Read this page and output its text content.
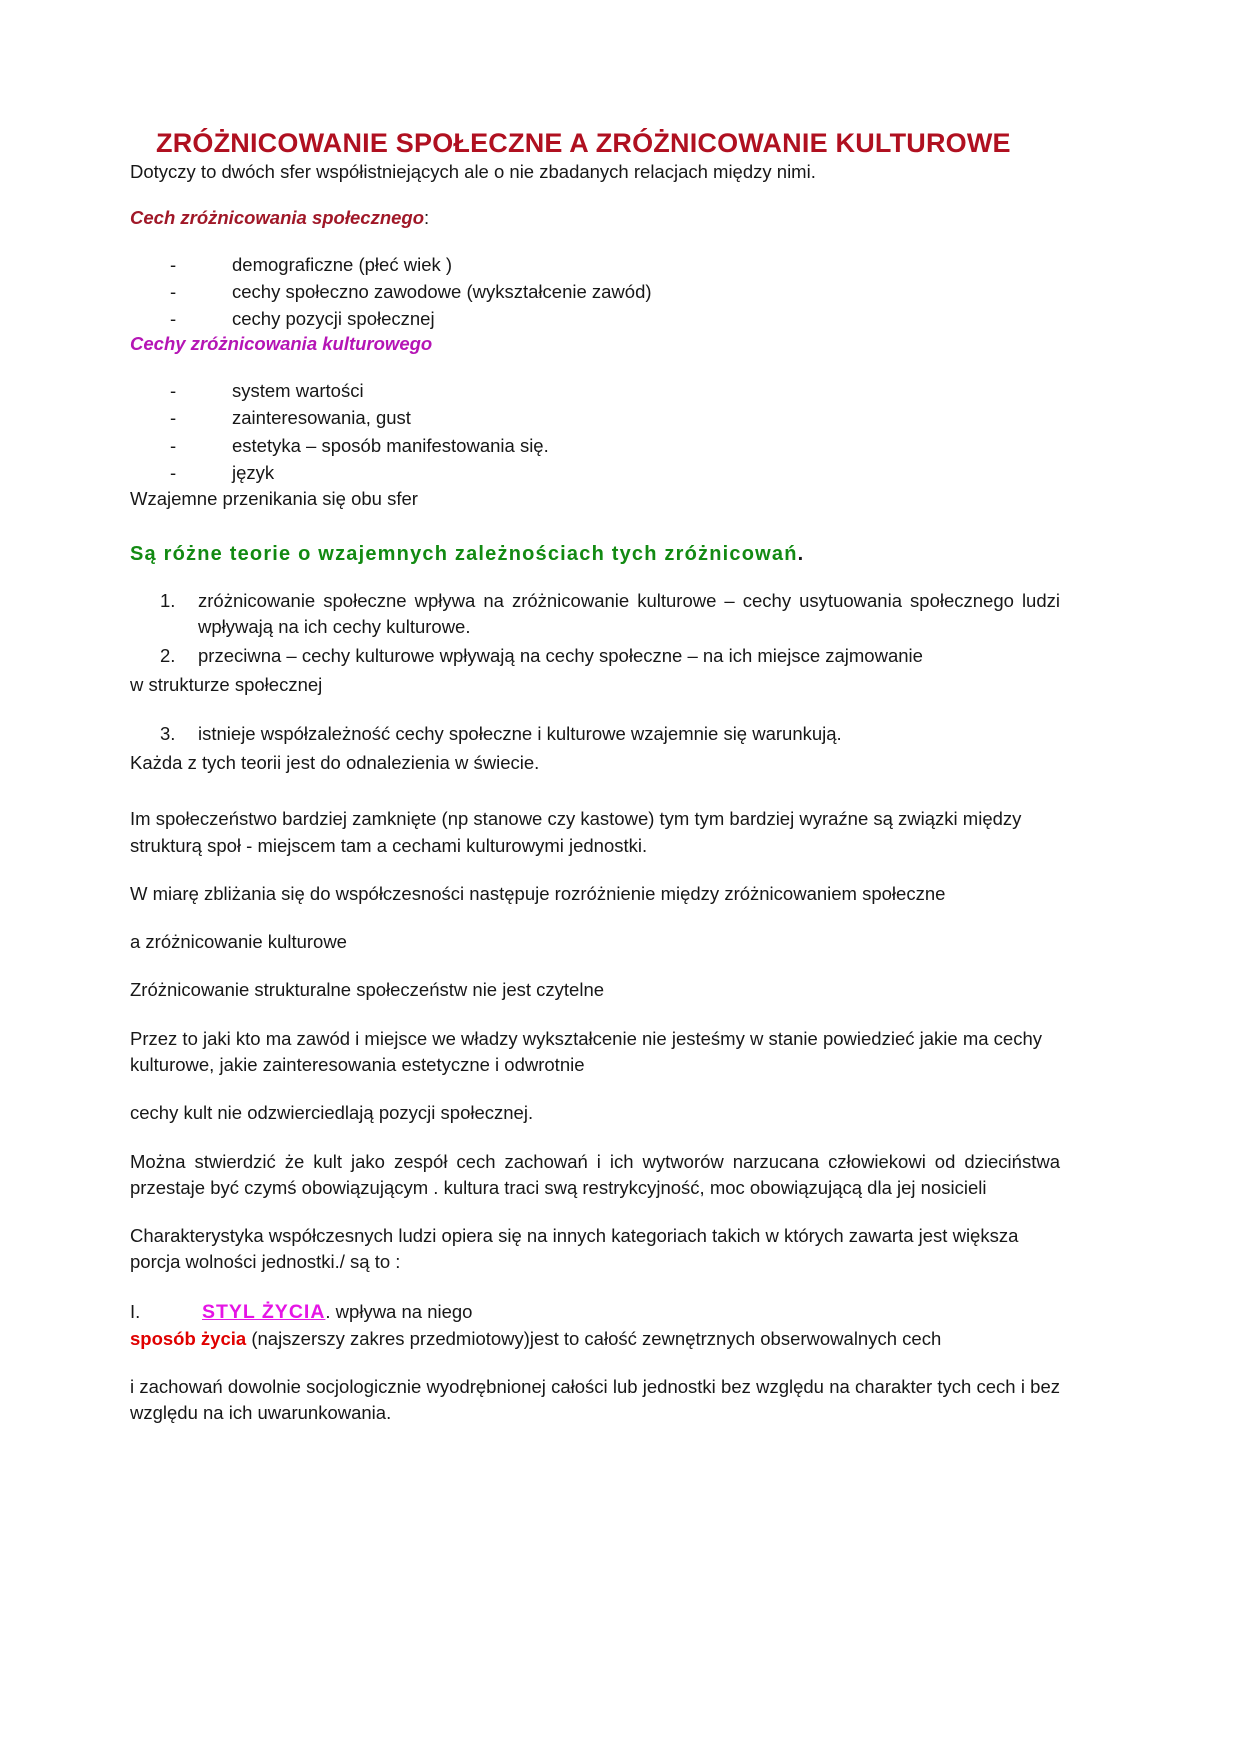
ZRÓŻNICOWANIE SPOŁECZNE A ZRÓŻNICOWANIE KULTUROWE

Dotyczy to dwóch sfer współistniejących ale o nie zbadanych relacjach między nimi.

Cech zróżnicowania społecznego:

-	demograficzne (płeć wiek )
-	cechy społeczno zawodowe (wykształcenie zawód)
-	cechy pozycji społecznej

Cechy zróżnicowania kulturowego

-	system wartości
-	zainteresowania, gust
-	estetyka – sposób manifestowania się.
-	język

Wzajemne przenikania się obu sfer

Są różne teorie o wzajemnych zależnościach tych zróżnicowań.

1. zróżnicowanie społeczne wpływa na zróżnicowanie kulturowe – cechy usytuowania społecznego ludzi wpływają na ich cechy kulturowe.
2. przeciwna – cechy kulturowe wpływają na cechy społeczne – na ich miejsce zajmowanie

w strukturze społecznej

3. istnieje współzależność cechy społeczne i kulturowe wzajemnie się warunkują.

Każda z tych teorii jest do odnalezienia w świecie.

Im społeczeństwo bardziej zamknięte (np stanowe czy kastowe) tym tym bardziej wyraźne są związki między strukturą społ - miejscem tam a cechami kulturowymi jednostki.

W miarę zbliżania się do współczesności następuje rozróżnienie między zróżnicowaniem społeczne

a zróżnicowanie kulturowe

Zróżnicowanie strukturalne społeczeństw nie jest czytelne

Przez to jaki kto ma zawód i miejsce we władzy wykształcenie nie jesteśmy w stanie powiedzieć jakie ma cechy kulturowe, jakie zainteresowania estetyczne i odwrotnie

cechy kult nie odzwierciedlają pozycji społecznej.

Można stwierdzić że kult jako zespół cech zachowań i ich wytworów narzucana człowiekowi od dzieciństwa przestaje być czymś obowiązującym . kultura traci swą restrykcyjność, moc obowiązującą dla jej nosicieli

Charakterystyka współczesnych ludzi opiera się na innych kategoriach takich w których zawarta jest większa porcja wolności jednostki./ są to :

I.	STYL ŻYCIA. wpływa na niego

sposób życia (najszerszy zakres przedmiotowy)jest to całość zewnętrznych obserwowalnych cech

i zachowań dowolnie socjologicznie wyodrębnionej całości lub jednostki bez względu na charakter tych cech i bez względu na ich uwarunkowania.
